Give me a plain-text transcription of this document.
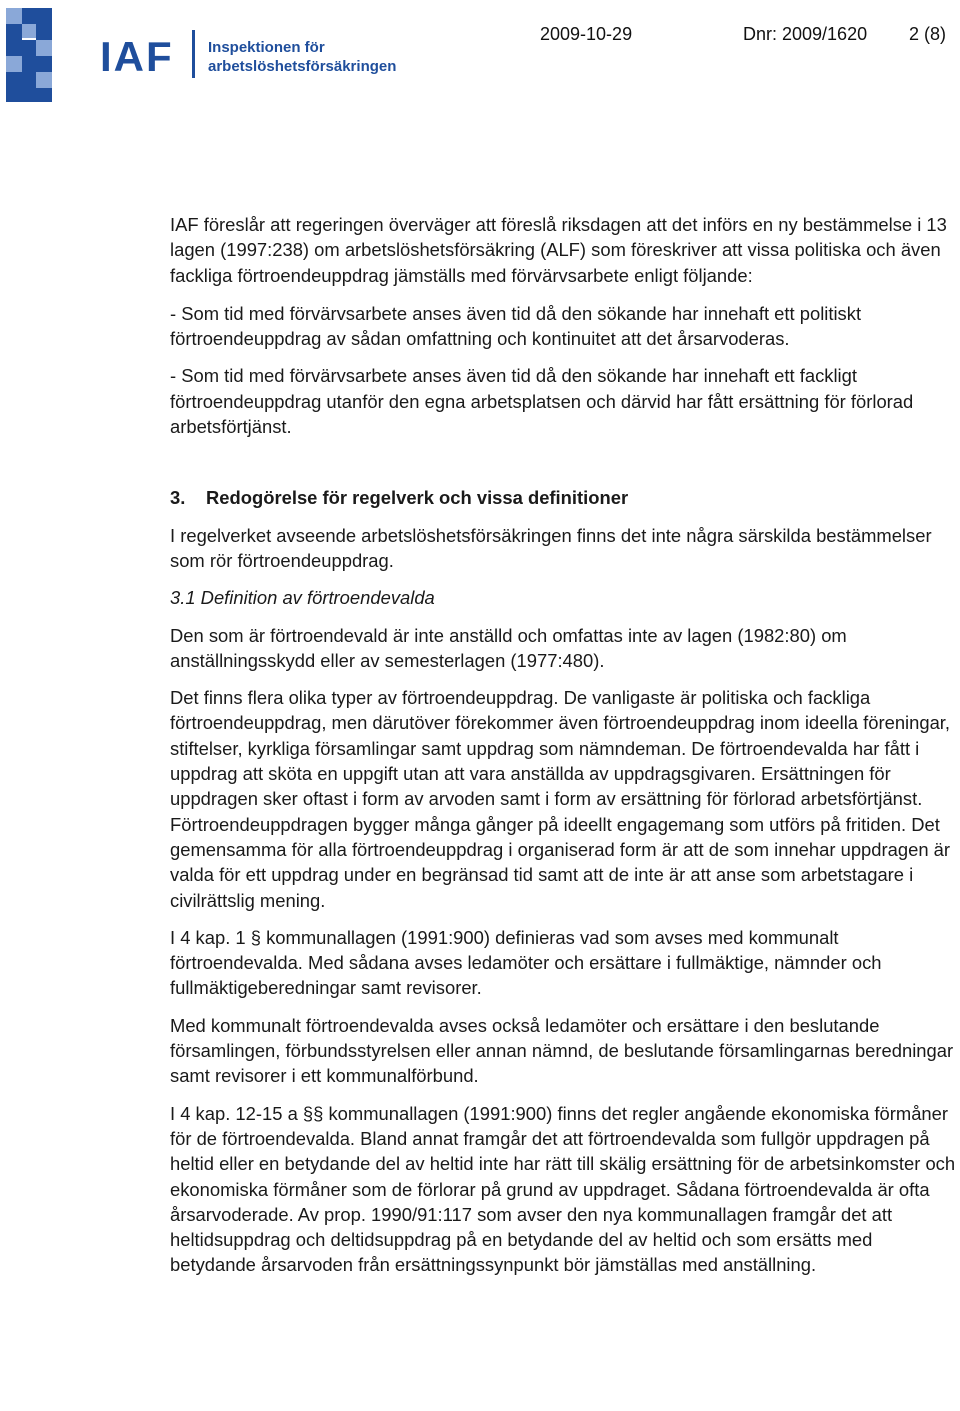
IAF Inspektionen för
arbetslöshetsförsäkringen
2009-10-29	Dnr: 2009/1620 2 (8)

IAF föreslår att regeringen överväger att föreslå riksdagen att det införs en ny bestämmelse i 13 lagen (1997:238) om arbetslöshetsförsäkring (ALF) som föreskriver att vissa politiska och även fackliga förtroendeuppdrag jämställs med förvärvsarbete enligt följande:

- Som tid med förvärvsarbete anses även tid då den sökande har innehaft ett politiskt förtroendeuppdrag av sådan omfattning och kontinuitet att det årsarvoderas.

- Som tid med förvärvsarbete anses även tid då den sökande har innehaft ett fackligt förtroendeuppdrag utanför den egna arbetsplatsen och därvid har fått ersättning för förlorad arbetsförtjänst.

3. Redogörelse för regelverk och vissa definitioner

I regelverket avseende arbetslöshetsförsäkringen finns det inte några särskilda bestämmelser som rör förtroendeuppdrag.

3.1 Definition av förtroendevalda

Den som är förtroendevald är inte anställd och omfattas inte av lagen (1982:80) om anställningsskydd eller av semesterlagen (1977:480).

Det finns flera olika typer av förtroendeuppdrag. De vanligaste är politiska och fackliga förtroendeuppdrag, men därutöver förekommer även förtroendeuppdrag inom ideella föreningar, stiftelser, kyrkliga församlingar samt uppdrag som nämndeman. De förtroendevalda har fått i uppdrag att sköta en uppgift utan att vara anställda av uppdragsgivaren. Ersättningen för uppdragen sker oftast i form av arvoden samt i form av ersättning för förlorad arbetsförtjänst. Förtroendeuppdragen bygger många gånger på ideellt engagemang som utförs på fritiden. Det gemensamma för alla förtroendeuppdrag i organiserad form är att de som innehar uppdragen är valda för ett uppdrag under en begränsad tid samt att de inte är att anse som arbetstagare i civilrättslig mening.

I 4 kap. 1 § kommunallagen (1991:900) definieras vad som avses med kommunalt förtroendevalda. Med sådana avses ledamöter och ersättare i fullmäktige, nämnder och fullmäktigeberedningar samt revisorer.

Med kommunalt förtroendevalda avses också ledamöter och ersättare i den beslutande församlingen, förbundsstyrelsen eller annan nämnd, de beslutande församlingarnas beredningar samt revisorer i ett kommunalförbund.

I 4 kap. 12-15 a §§ kommunallagen (1991:900) finns det regler angående ekonomiska förmåner för de förtroendevalda. Bland annat framgår det att förtroendevalda som fullgör uppdragen på heltid eller en betydande del av heltid inte har rätt till skälig ersättning för de arbetsinkomster och ekonomiska förmåner som de förlorar på grund av uppdraget. Sådana förtroendevalda är ofta årsarvoderade. Av prop. 1990/91:117 som avser den nya kommunallagen framgår det att heltidsuppdrag och deltidsuppdrag på en betydande del av heltid och som ersätts med betydande årsarvoden från ersättningssynpunkt bör jämställas med anställning.
